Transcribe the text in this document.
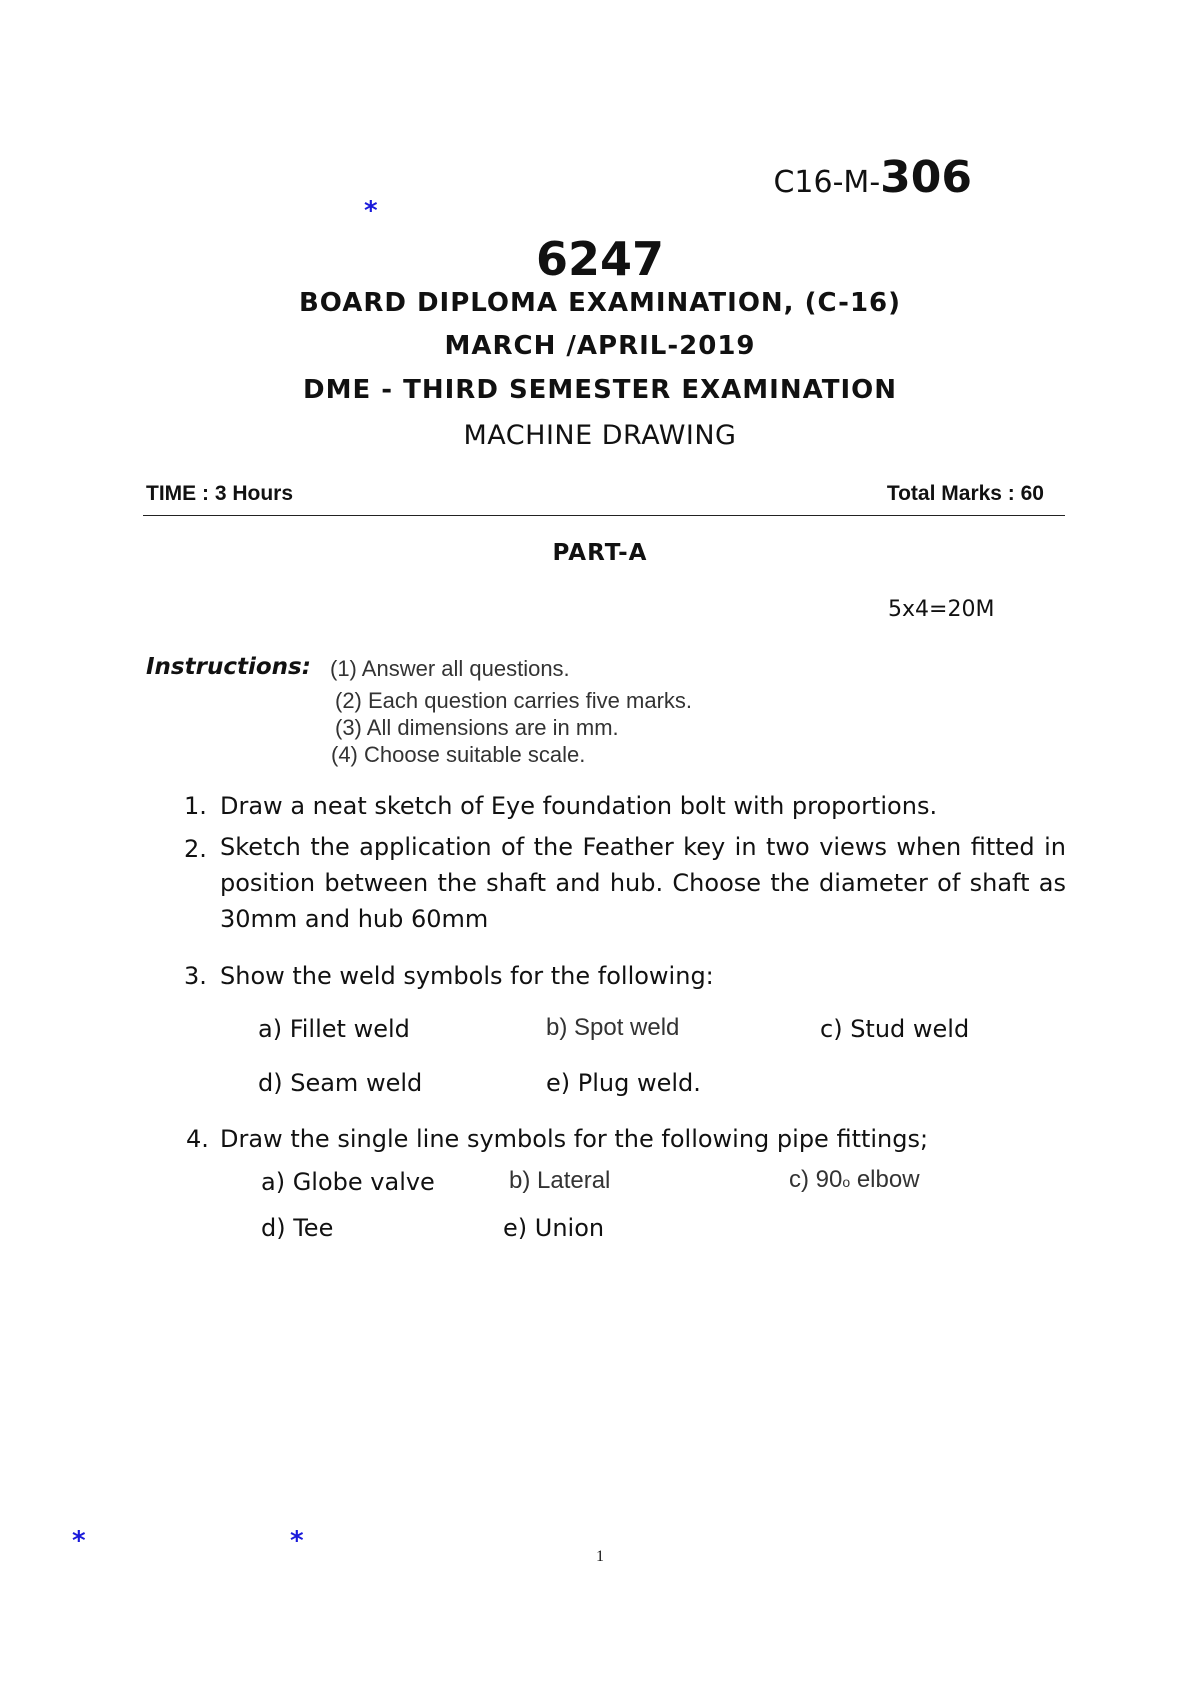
*
*	*
C16-M-306
6247
BOARD DIPLOMA EXAMINATION, (C-16)
MARCH /APRIL-2019
DME - THIRD SEMESTER EXAMINATION
MACHINE DRAWING
TIME : 3 Hours	Total Marks : 60
PART-A
5x4=20M
Instructions: (1) Answer all questions.
(2) Each question carries five marks.
(3) All dimensions are in mm.
(4) Choose suitable scale.
1. Draw a neat sketch of Eye foundation bolt with proportions.
2. Sketch the application of the Feather key in two views when fitted in position between the shaft and hub. Choose the diameter of shaft as 30mm and hub 60mm
3. Show the weld symbols for the following:
a) Fillet weld	b) Spot weld	c) Stud weld
d) Seam weld	e) Plug weld.
4. Draw the single line symbols for the following pipe fittings;
a) Globe valve	b) Lateral	c) 90o elbow
d) Tee	e) Union
1
